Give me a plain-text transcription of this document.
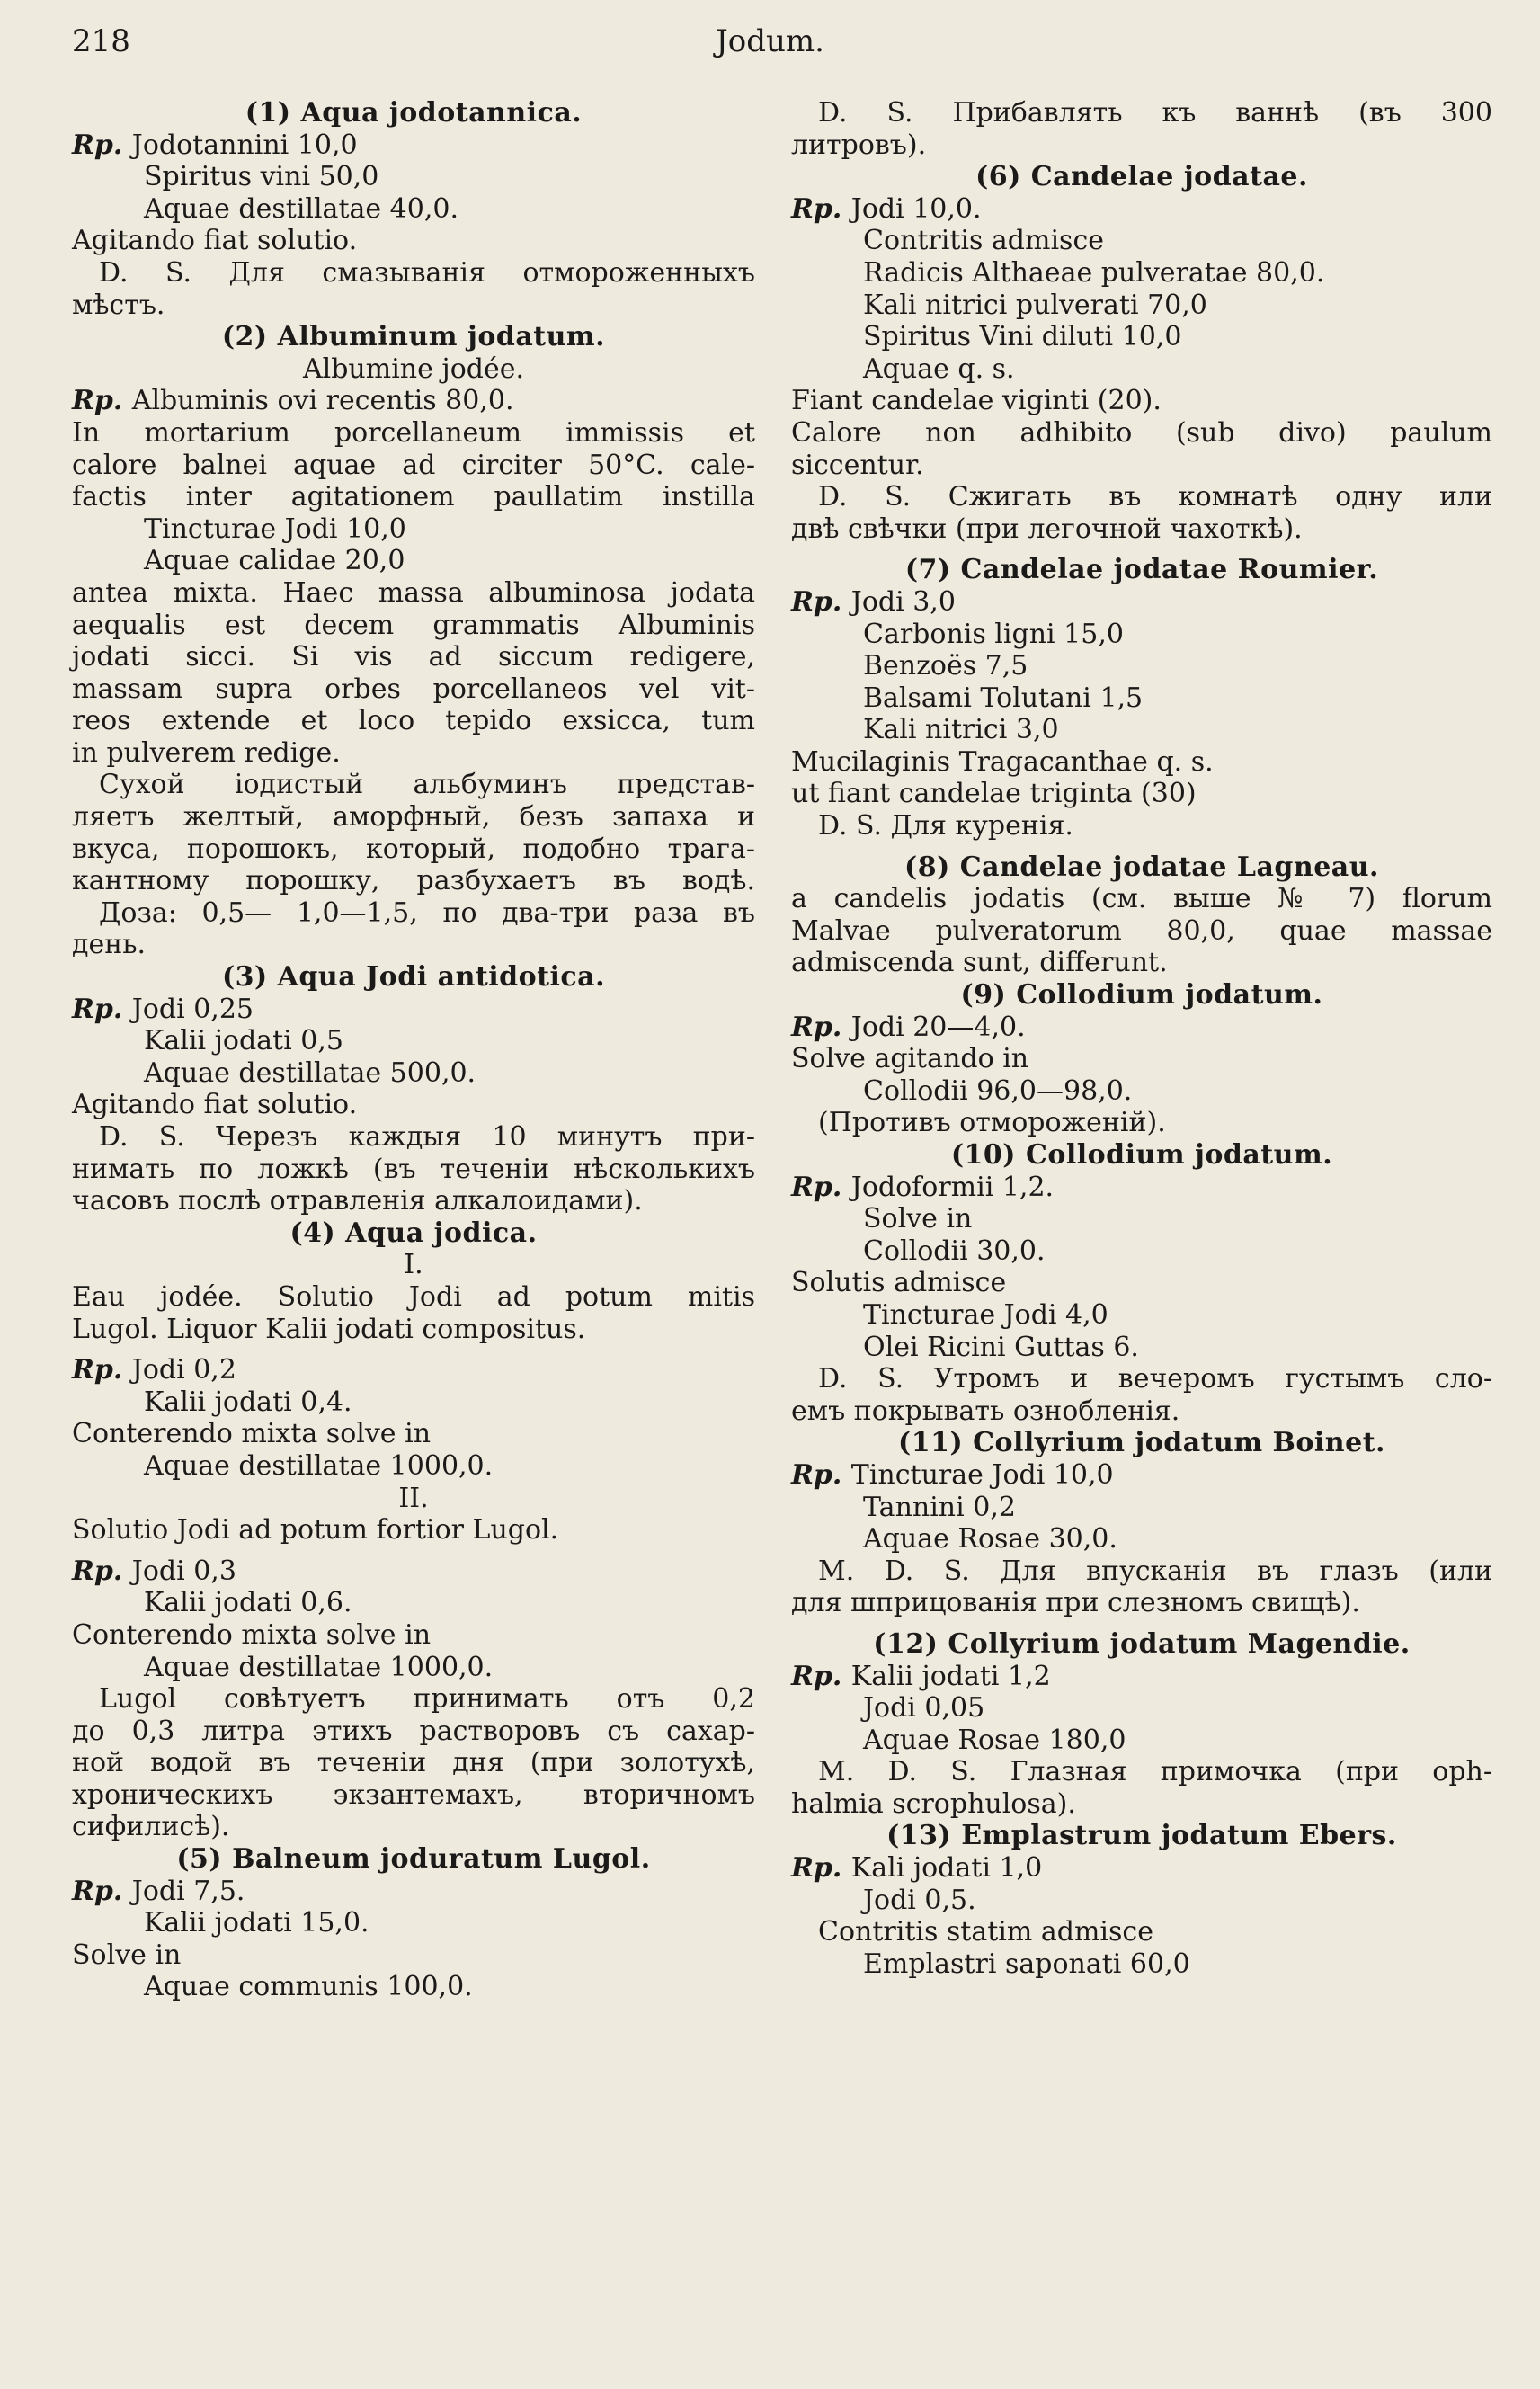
218	Jodum.
(1) Aqua jodotannica.
Rp. Jodotannini 10,0
Spiritus vini 50,0
Aquae destillatae 40,0.
Agitando fiat solutio.
D. S. Для смазыванія отмороженныхъ
мѣстъ.
(2) Albuminum jodatum.
Albumine jodée.
Rp. Albuminis ovi recentis 80,0.
In mortarium porcellaneum immissis et
calore balnei aquae ad circiter 50°C. cale-
factis inter agitationem paullatim instilla
Tincturae Jodi 10,0
Aquae calidae 20,0
antea mixta. Haec massa albuminosa jodata
aequalis est decem grammatis Albuminis
jodati sicci. Si vis ad siccum redigere,
massam supra orbes porcellaneos vel vit-
reos extende et loco tepido exsicca, tum
in pulverem redige.
Сухой іодистый альбуминъ представ-
ляетъ желтый, аморфный, безъ запаха и
вкуса, порошокъ, который, подобно трага-
кантному порошку, разбухаетъ въ водѣ.
Доза: 0,5— 1,0—1,5, по два-три раза въ
день.
(3) Aqua Jodi antidotica.
Rp. Jodi 0,25
Kalii jodati 0,5
Aquae destillatae 500,0.
Agitando fiat solutio.
D. S. Черезъ каждыя 10 минутъ при-
нимать по ложкѣ (въ теченіи нѣсколькихъ
часовъ послѣ отравленія алкалоидами).
(4) Aqua jodica.
I.
Eau jodée. Solutio Jodi ad potum mitis
Lugol. Liquor Kalii jodati compositus.
Rp. Jodi 0,2
Kalii jodati 0,4.
Conterendo mixta solve in
Aquae destillatae 1000,0.
II.
Solutio Jodi ad potum fortior Lugol.
Rp. Jodi 0,3
Kalii jodati 0,6.
Conterendo mixta solve in
Aquae destillatae 1000,0.
Lugol совѣтуетъ принимать отъ 0,2
до 0,3 литра этихъ растворовъ съ сахар-
ной водой въ теченіи дня (при золотухѣ,
хроническихъ экзантемахъ, вторичномъ
сифилисѣ).
(5) Balneum joduratum Lugol.
Rp. Jodi 7,5.
Kalii jodati 15,0.
Solve in
Aquae communis 100,0.
D. S. Прибавлять къ ваннѣ (въ 300
литровъ).
(6) Candelae jodatae.
Rp. Jodi 10,0.
Contritis admisce
Radicis Althaeae pulveratae 80,0.
Kali nitrici pulverati 70,0
Spiritus Vini diluti 10,0
Aquae q. s.
Fiant candelae viginti (20).
Calore non adhibito (sub divo) paulum
siccentur.
D. S. Сжигать въ комнатѣ одну или
двѣ свѣчки (при легочной чахоткѣ).
(7) Candelae jodatae Roumier.
Rp. Jodi 3,0
Carbonis ligni 15,0
Benzoës 7,5
Balsami Tolutani 1,5
Kali nitrici 3,0
Mucilaginis Tragacanthae q. s.
ut fiant candelae triginta (30)
D. S. Для куренія.
(8) Candelae jodatae Lagneau.
a candelis jodatis (см. выше № 7) florum
Malvae pulveratorum 80,0, quae massae
admiscenda sunt, differunt.
(9) Collodium jodatum.
Rp. Jodi 20—4,0.
Solve agitando in
Collodii 96,0—98,0.
(Противъ отмороженій).
(10) Collodium jodatum.
Rp. Jodoformii 1,2.
Solve in
Collodii 30,0.
Solutis admisce
Tincturae Jodi 4,0
Olei Ricini Guttas 6.
D. S. Утромъ и вечеромъ густымъ сло-
емъ покрывать ознобленія.
(11) Collyrium jodatum Boinet.
Rp. Tincturae Jodi 10,0
Tannini 0,2
Aquae Rosae 30,0.
M. D. S. Для впусканія въ глазъ (или
для шприцованія при слезномъ свищѣ).
(12) Collyrium jodatum Magendie.
Rp. Kalii jodati 1,2
Jodi 0,05
Aquae Rosae 180,0
M. D. S. Глазная примочка (при oph-
halmia scrophulosa).
(13) Emplastrum jodatum Ebers.
Rp. Kali jodati 1,0
Jodi 0,5.
Contritis statim admisce
Emplastri saponati 60,0
